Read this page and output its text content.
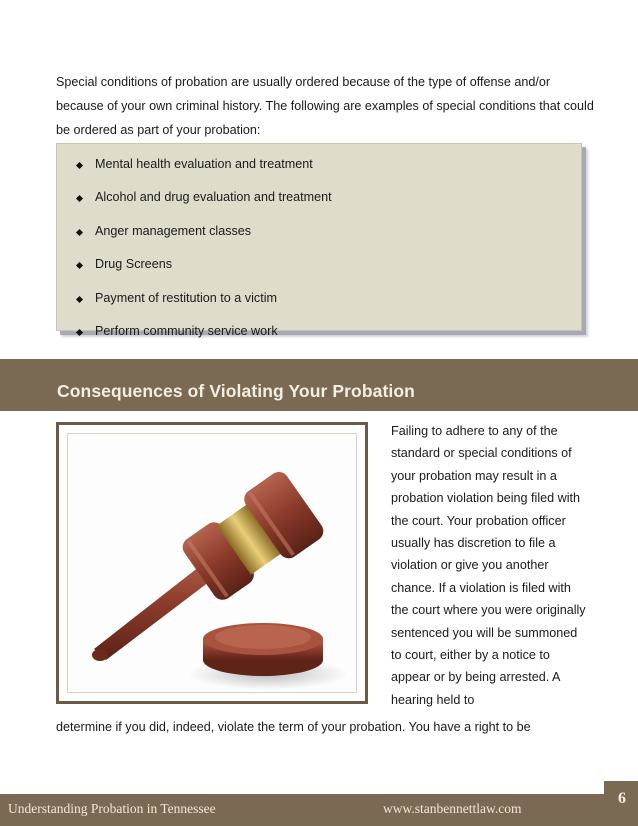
Special conditions of probation are usually ordered because of the type of offense and/or because of your own criminal history. The following are examples of special conditions that could be ordered as part of your probation:
Mental health evaluation and treatment
Alcohol and drug evaluation and treatment
Anger management classes
Drug Screens
Payment of restitution to a victim
Perform community service work
Consequences of Violating Your Probation
Failing to adhere to any of the standard or special conditions of your probation may result in a probation violation being filed with the court. Your probation officer usually has discretion to file a violation or give you another chance. If a violation is filed with the court where you were originally sentenced you will be summoned to court, either by a notice to appear or by being arrested. A hearing held to
determine if you did, indeed, violate the term of your probation. You have a right to be
Understanding Probation in Tennessee	www.stanbennettlaw.com
6
